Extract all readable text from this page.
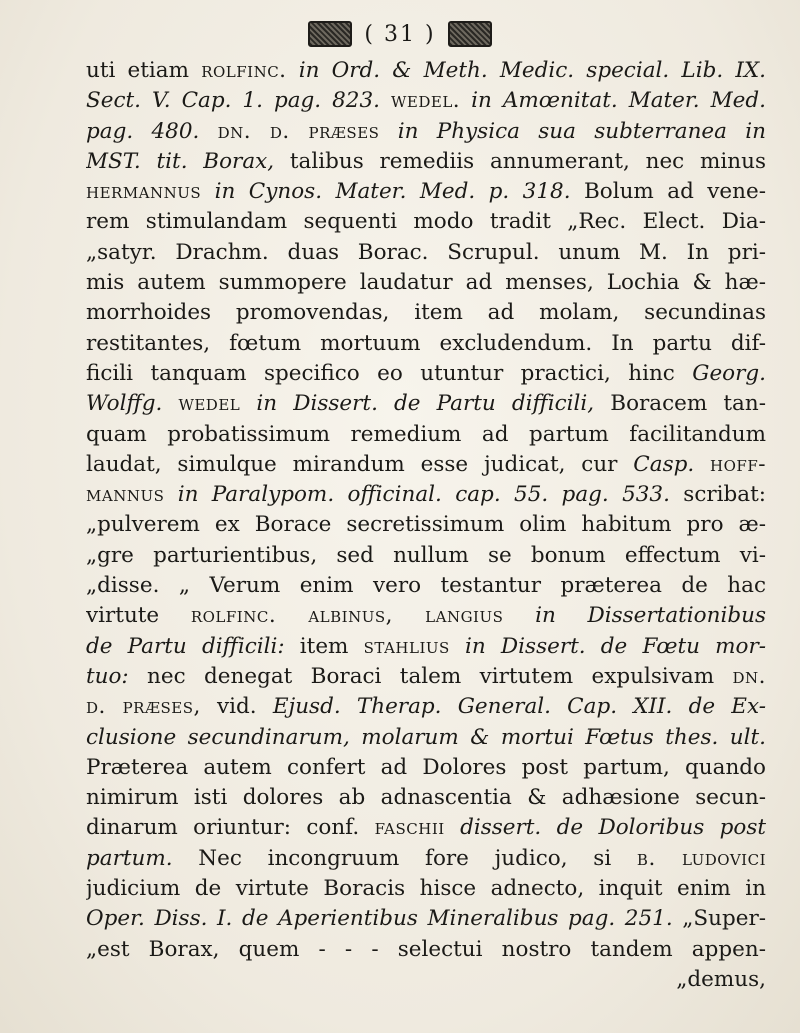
( 31 )
uti etiam rolfinc. in Ord. & Meth. Medic. special. Lib. IX.
Sect. V. Cap. 1. pag. 823. wedel. in Amœnitat. Mater. Med.
pag. 480. dn. d. præses in Physica sua subterranea in
MST. tit. Borax, talibus remediis annumerant, nec minus
hermannus in Cynos. Mater. Med. p. 318. Bolum ad vene-
rem stimulandam sequenti modo tradit „Rec. Elect. Dia-
„satyr. Drachm. duas Borac. Scrupul. unum M. In pri-
mis autem summopere laudatur ad menses, Lochia & hæ-
morrhoides promovendas, item ad molam, secundinas
restitantes, fœtum mortuum excludendum. In partu dif-
ficili tanquam specifico eo utuntur practici, hinc Georg.
Wolffg. wedel in Dissert. de Partu difficili, Boracem tan-
quam probatissimum remedium ad partum facilitandum
laudat, simulque mirandum esse judicat, cur Casp. hoff-
mannus in Paralypom. officinal. cap. 55. pag. 533. scribat:
„pulverem ex Borace secretissimum olim habitum pro æ-
„gre parturientibus, sed nullum se bonum effectum vi-
„disse. „ Verum enim vero testantur præterea de hac
virtute rolfinc. albinus, langius in Dissertationibus
de Partu difficili: item stahlius in Dissert. de Fœtu mor-
tuo: nec denegat Boraci talem virtutem expulsivam dn.
d. præses, vid. Ejusd. Therap. General. Cap. XII. de Ex-
clusione secundinarum, molarum & mortui Fœtus thes. ult.
Præterea autem confert ad Dolores post partum, quando
nimirum isti dolores ab adnascentia & adhæsione secun-
dinarum oriuntur: conf. faschii dissert. de Doloribus post
partum. Nec incongruum fore judico, si b. ludovici
judicium de virtute Boracis hisce adnecto, inquit enim in
Oper. Diss. I. de Aperientibus Mineralibus pag. 251. „Super-
„est Borax, quem - - - selectui nostro tandem appen-
„demus,
